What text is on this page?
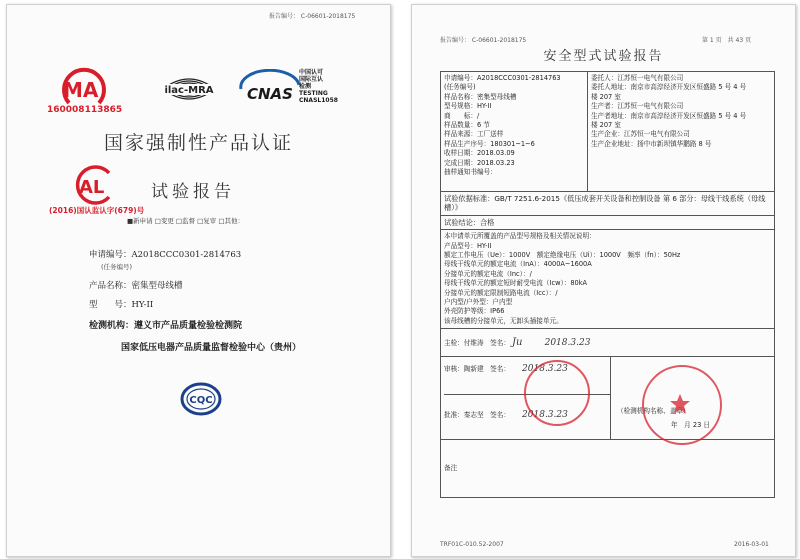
报告编号： C-06601-2018175
MA
160008113865
ilac-MRA CNAS
中国认可
国际互认
检测
TESTING
CNASL1058
国家强制性产品认证
AL
(2016)国认监认字(679)号
试验报告
■新申请 □变更 □监督 □复审 □其他：
申请编号：A2018CCC0301-2814763
(任务编号)
产品名称：密集型母线槽
型　　号：HY-II
检测机构：遵义市产品质量检验检测院
国家低压电器产品质量监督检验中心（贵州）
CQC
报告编号： C-06601-2018175	第 1 页　共 43 页
安全型式试验报告
申请编号：A2018CCC0301-2814763
(任务编号)
样品名称：密集型母线槽
型号规格：HY-II
商　　标：/
样品数量：6 节
样品来源：工厂送样
样品生产序号：180301~1~6
收样日期：2018.03.09
完成日期：2018.03.23
抽样通知书编号：

委托人：江苏恒一电气有限公司
委托人地址：南京市高淳经济开发区恒盛路 5 号 4 号
楼 207 室
生产者：江苏恒一电气有限公司
生产者地址：南京市高淳经济开发区恒盛路 5 号 4 号
楼 207 室
生产企业：江苏恒一电气有限公司
生产企业地址：扬中市新坝镇华鹏路 8 号

试验依据标准：GB/T 7251.6-2015《低压成套开关设备和控制设备 第 6 部分：母线干线系统（母线槽）》
试验结论：合格

本申请单元所覆盖的产品型号规格及相关情况说明：
产品型号：HY-II
额定工作电压（Ue）：1000V　额定绝缘电压（Ui）：1000V　频率（fn）：50Hz
母线干线单元的额定电流（InA）：4000A~1600A
分接单元的额定电流（Inc）：/
母线干线单元的额定短时耐受电流（Icw）：80kA
分接单元的额定限制短路电流（Icc）：/
户内型/户外型：户内型
外壳防护等级：IP66
该母线槽的分接单元，无卸头插接单元。

主检：付维涛　签名： Ju 2018.3.23

审核：陶新建　签名： 2018.3.23
批准：秦志坚　签名： 2018.3.23	（检测机构名称、盖章）
年　月 23 日

备注
TRF01C-010.52-2007	2016-03-01
